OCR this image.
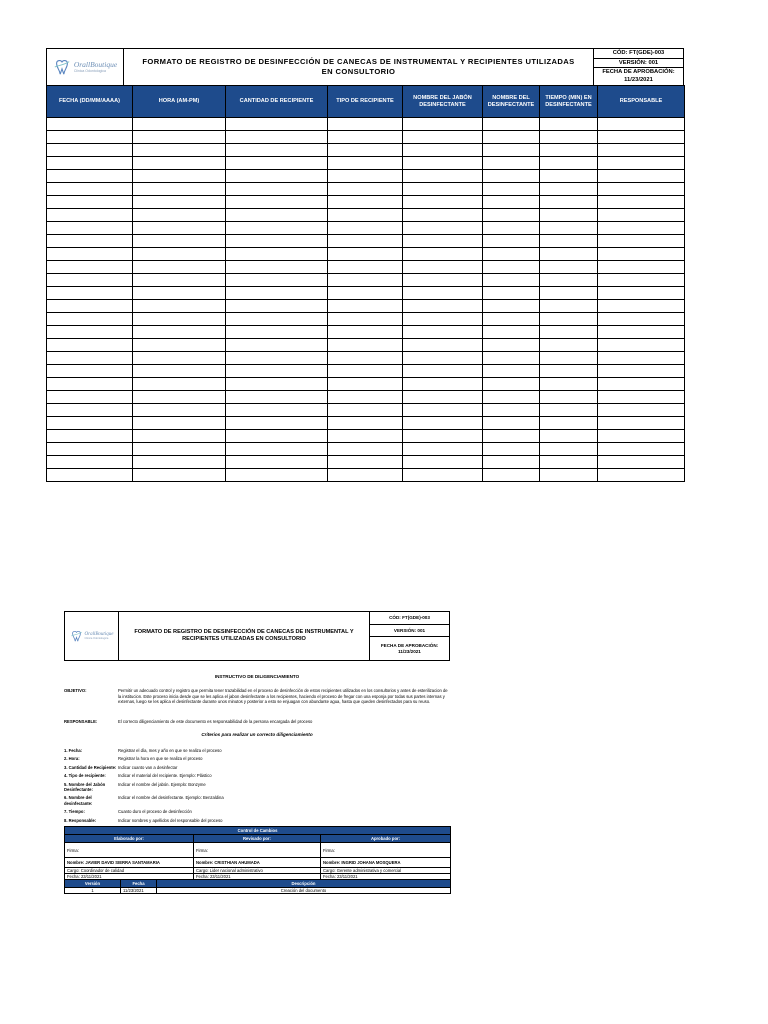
OrallBoutique
Clinica Odontologica
FORMATO DE REGISTRO DE DESINFECCIÓN DE CANECAS DE INSTRUMENTAL Y RECIPIENTES UTILIZADAS EN CONSULTORIO
CÓD: FT(GDE)-003
VERSIÓN: 001
FECHA DE APROBACIÓN:
11/23/2021
FECHA (DD/MM/AAAA)	HORA (AM-PM)	CANTIDAD DE RECIPIENTE	TIPO DE RECIPIENTE	NOMBRE DEL JABÓN DESINFECTANTE	NOMBRE DEL DESINFECTANTE	TIEMPO (MIN) EN DESINFECTANTE	RESPONSABLE

OrallBoutique
Clinica Odontologica
FORMATO DE REGISTRO DE DESINFECCIÓN DE CANECAS DE INSTRUMENTAL Y RECIPIENTES UTILIZADAS EN CONSULTORIO
CÓD: FT(GDE)-003
VERSIÓN: 001
FECHA DE APROBACIÓN:
11/23/2021
INSTRUCTIVO DE DILIGENCIAMIENTO
OBJETIVO:	Permitir un adecuado control y registro que permita tener trazabilidad en el proceso de desinfección de estos recipientes utilizados en los consultorios y antes de esterilizacion de la institucion. Este proceso inicia desde que se les aplica el jabon desinfectante a los recipientes, haciendo el proceso de fregar con una esponja por todas sus partes internas y externas, luego se les aplica el desinfectante durante unos minutos y posterior a esto se enjuagan con abundante agua, hasta que queden desinfectados para su reuso.
RESPONSABLE:	El correcto diligenciamiento de este documento es responsabilidad de la persona encargada del proceso
Criterios para realizar un correcto diligenciamiento
1. Fecha:	Registrar el día, mes y año en que se realiza el proceso
2. Hora:	Registrar la hora en que se realiza el proceso
3. Cantidad de Recipiente: Indicar cuanto van a desinfectar
4. Tipo de recipiente:	Indicar el material del recipiente. Ejemplo: Plástico
5. Nombre del Jabón Desinfectante:
Indicar el nombre del jabón. Ejemplo: Bonzyme
6. Nombre del desinfectante:
Indicar el nombre del desinfectante. Ejemplo: Benzaldina
7. Tiempo:	Cuanto duro el proceso de desinfección
8. Responsable:	Indicar nombres y apellidos del responsable del proceso
Control de Cambios		
Elaborado por:	Revisado por:	Aprobado por:
Firma:	Firma:	Firma:
Nombre: JAVIER DAVID SIERRA SANTAMARIA	Nombre: CRISTHIAN AHUMADA	Nombre: INGRID JOHANA MOSQUERA
Cargo: Coordinador de calidad	Cargo: Lider nacional administrativo	Cargo: Gerente administrativa y comercial
Fecha: 23/11/2021	Fecha: 23/11/2021	Fecha: 23/11/2021
Versión	Fecha	Descripción
1	11/23/2021	Creación del documento
